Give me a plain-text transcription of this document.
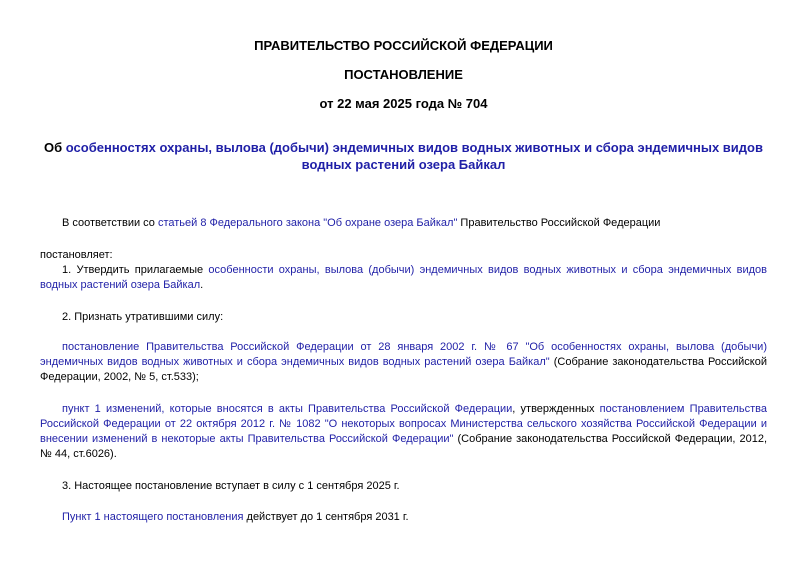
ПРАВИТЕЛЬСТВО РОССИЙСКОЙ ФЕДЕРАЦИИ
ПОСТАНОВЛЕНИЕ
от 22 мая 2025 года № 704
Об особенностях охраны, вылова (добычи) эндемичных видов водных животных и сбора эндемичных видов водных растений озера Байкал
В соответствии со статьей 8 Федерального закона "Об охране озера Байкал" Правительство Российской Федерации
постановляет:
1. Утвердить прилагаемые особенности охраны, вылова (добычи) эндемичных видов водных животных и сбора эндемичных видов водных растений озера Байкал.
2. Признать утратившими силу:
постановление Правительства Российской Федерации от 28 января 2002 г. № 67 "Об особенностях охраны, вылова (добычи) эндемичных видов водных животных и сбора эндемичных видов водных растений озера Байкал" (Собрание законодательства Российской Федерации, 2002, № 5, ст.533);
пункт 1 изменений, которые вносятся в акты Правительства Российской Федерации, утвержденных постановлением Правительства Российской Федерации от 22 октября 2012 г. № 1082 "О некоторых вопросах Министерства сельского хозяйства Российской Федерации и внесении изменений в некоторые акты Правительства Российской Федерации" (Собрание законодательства Российской Федерации, 2012, № 44, ст.6026).
3. Настоящее постановление вступает в силу с 1 сентября 2025 г.
Пункт 1 настоящего постановления действует до 1 сентября 2031 г.
